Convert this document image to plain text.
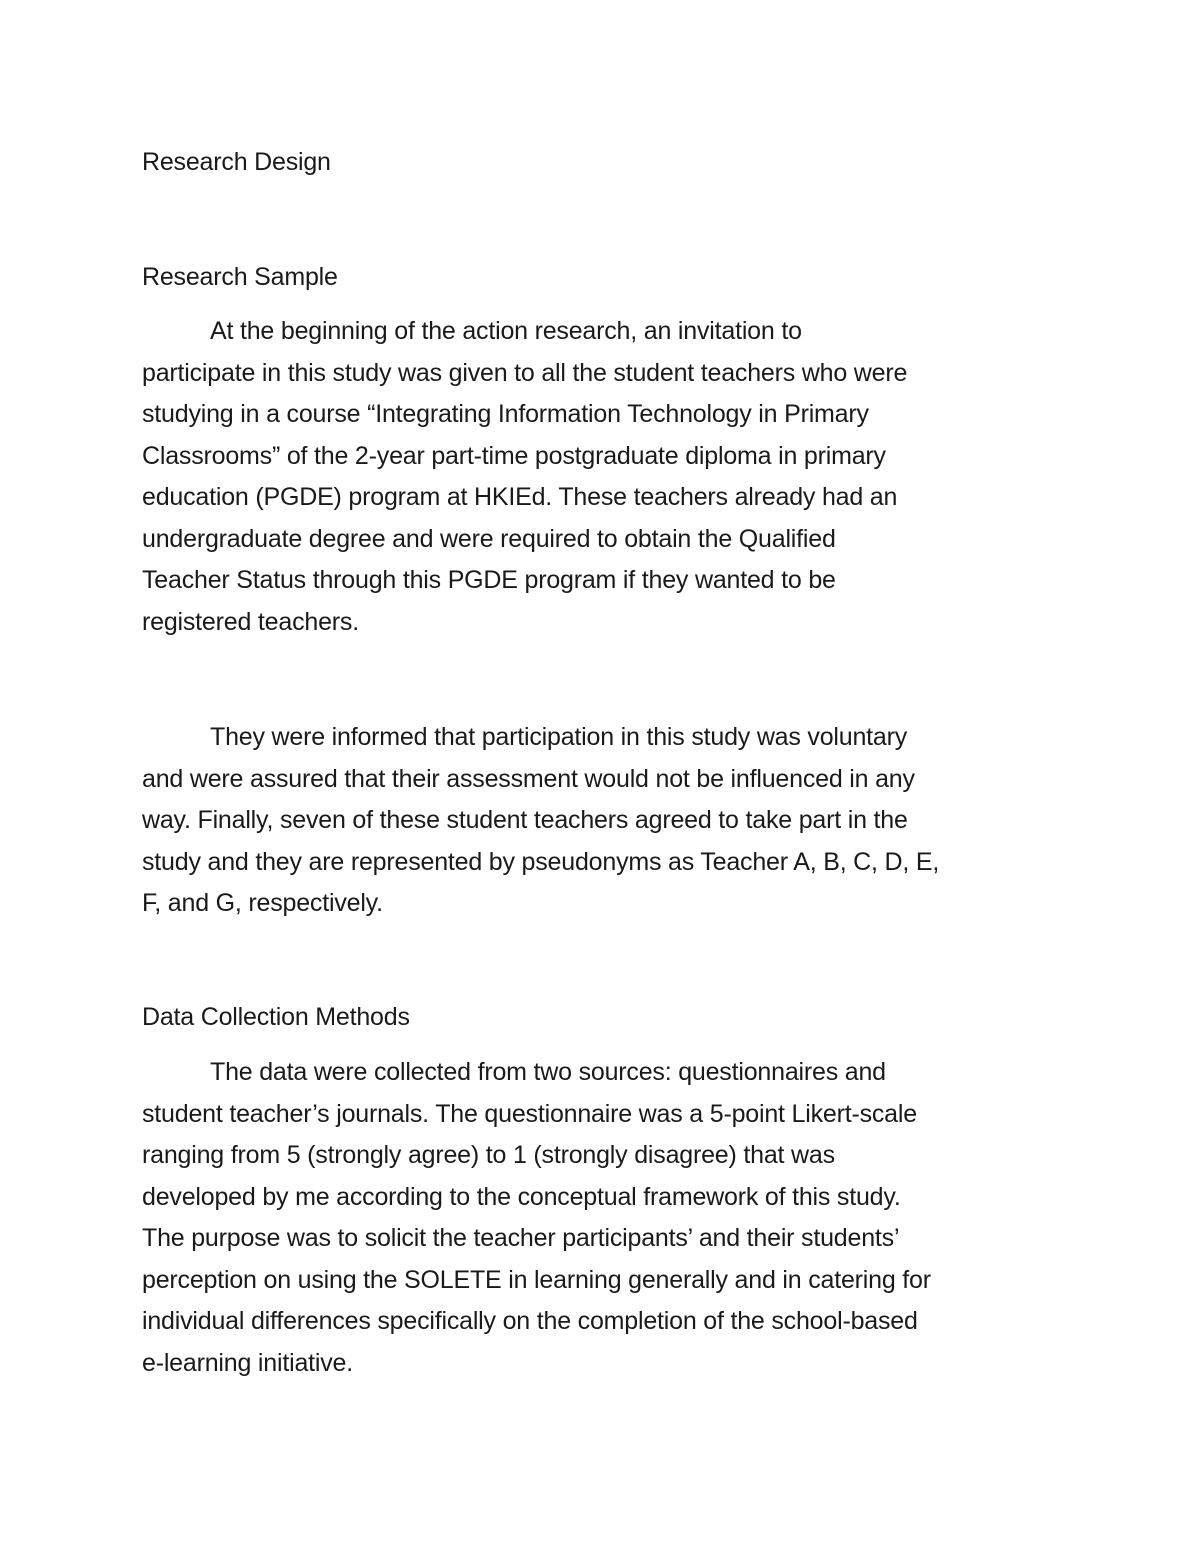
Research Design
Research Sample
At the beginning of the action research, an invitation to
participate in this study was given to all the student teachers who were
studying in a course “Integrating Information Technology in Primary
Classrooms” of the 2-year part-time postgraduate diploma in primary
education (PGDE) program at HKIEd. These teachers already had an
undergraduate degree and were required to obtain the Qualified
Teacher Status through this PGDE program if they wanted to be
registered teachers.
They were informed that participation in this study was voluntary
and were assured that their assessment would not be influenced in any
way. Finally, seven of these student teachers agreed to take part in the
study and they are represented by pseudonyms as Teacher A, B, C, D, E,
F, and G, respectively.
Data Collection Methods
The data were collected from two sources: questionnaires and
student teacher’s journals. The questionnaire was a 5-point Likert-scale
ranging from 5 (strongly agree) to 1 (strongly disagree) that was
developed by me according to the conceptual framework of this study.
The purpose was to solicit the teacher participants’ and their students’
perception on using the SOLETE in learning generally and in catering for
individual differences specifically on the completion of the school-based
e-learning initiative.
